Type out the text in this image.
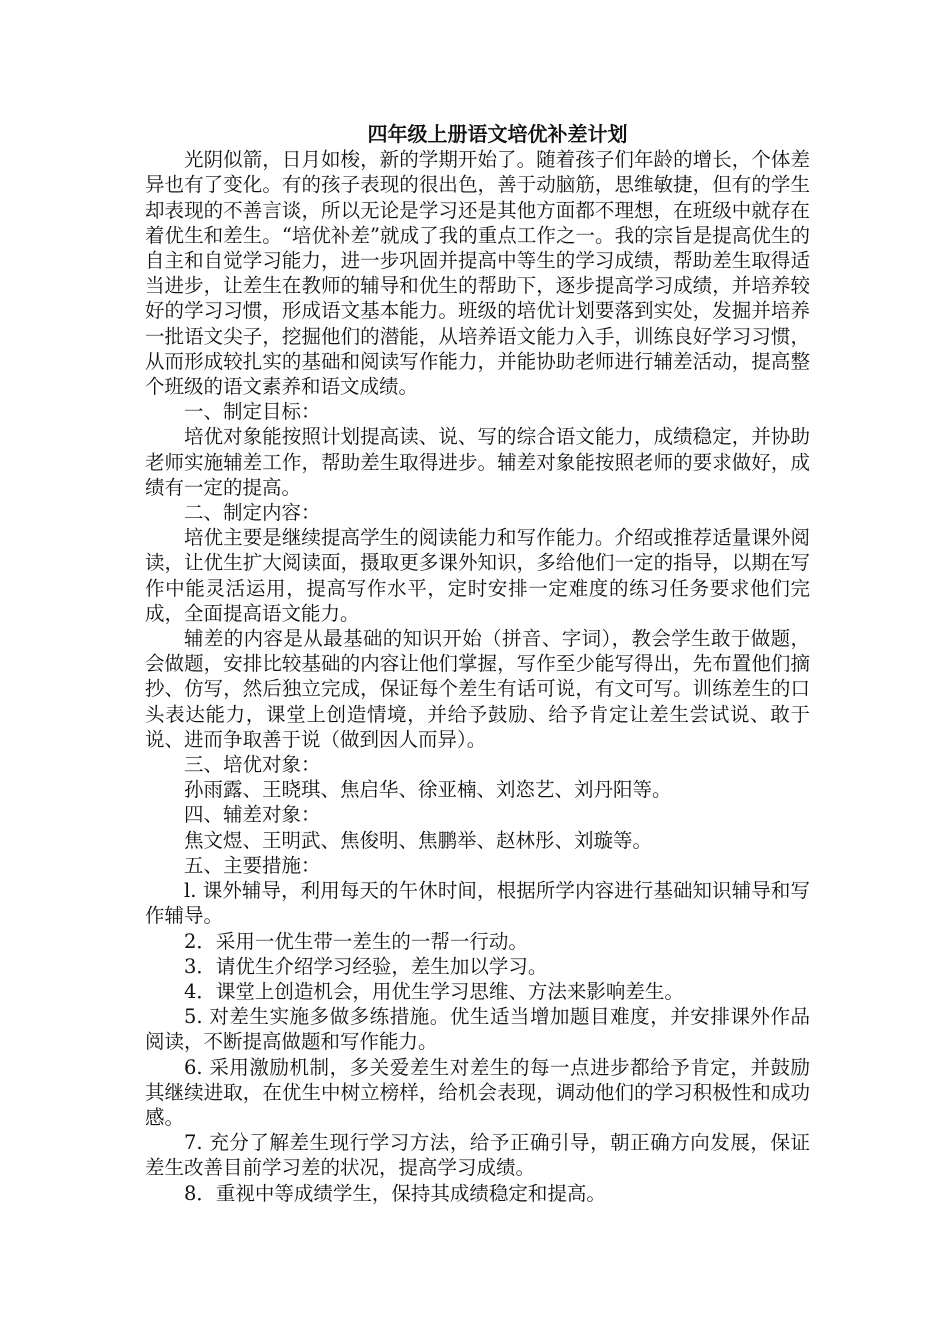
四年级上册语文培优补差计划

光阴似箭，日月如梭，新的学期开始了。随着孩子们年龄的增长，个体差异也有了变化。有的孩子表现的很出色，善于动脑筋，思维敏捷，但有的学生却表现的不善言谈，所以无论是学习还是其他方面都不理想，在班级中就存在着优生和差生。“培优补差”就成了我的重点工作之一。我的宗旨是提高优生的自主和自觉学习能力，进一步巩固并提高中等生的学习成绩，帮助差生取得适当进步，让差生在教师的辅导和优生的帮助下，逐步提高学习成绩，并培养较好的学习习惯，形成语文基本能力。班级的培优计划要落到实处，发掘并培养一批语文尖子，挖掘他们的潜能，从培养语文能力入手，训练良好学习习惯，从而形成较扎实的基础和阅读写作能力，并能协助老师进行辅差活动，提高整个班级的语文素养和语文成绩。

一、制定目标：

培优对象能按照计划提高读、说、写的综合语文能力，成绩稳定，并协助老师实施辅差工作，帮助差生取得进步。辅差对象能按照老师的要求做好，成绩有一定的提高。

二、制定内容：

培优主要是继续提高学生的阅读能力和写作能力。介绍或推荐适量课外阅读，让优生扩大阅读面，摄取更多课外知识，多给他们一定的指导，以期在写作中能灵活运用，提高写作水平，定时安排一定难度的练习任务要求他们完成，全面提高语文能力。

辅差的内容是从最基础的知识开始（拼音、字词），教会学生敢于做题，会做题，安排比较基础的内容让他们掌握，写作至少能写得出，先布置他们摘抄、仿写，然后独立完成，保证每个差生有话可说，有文可写。训练差生的口头表达能力，课堂上创造情境，并给予鼓励、给予肯定让差生尝试说、敢于说、进而争取善于说（做到因人而异）。

三、培优对象：

孙雨露、王晓琪、焦启华、徐亚楠、刘恣艺、刘丹阳等。

四、辅差对象：

焦文煜、王明武、焦俊明、焦鹏举、赵林彤、刘璇等。

五、主要措施：

l. 课外辅导，利用每天的午休时间，根据所学内容进行基础知识辅导和写作辅导。

2．采用一优生带一差生的一帮一行动。

3．请优生介绍学习经验，差生加以学习。

4．课堂上创造机会，用优生学习思维、方法来影响差生。

5. 对差生实施多做多练措施。优生适当增加题目难度，并安排课外作品阅读，不断提高做题和写作能力。

6. 采用激励机制，多关爱差生对差生的每一点进步都给予肯定，并鼓励其继续进取，在优生中树立榜样，给机会表现，调动他们的学习积极性和成功感。

7. 充分了解差生现行学习方法，给予正确引导，朝正确方向发展，保证差生改善目前学习差的状况，提高学习成绩。

8．重视中等成绩学生，保持其成绩稳定和提高。
